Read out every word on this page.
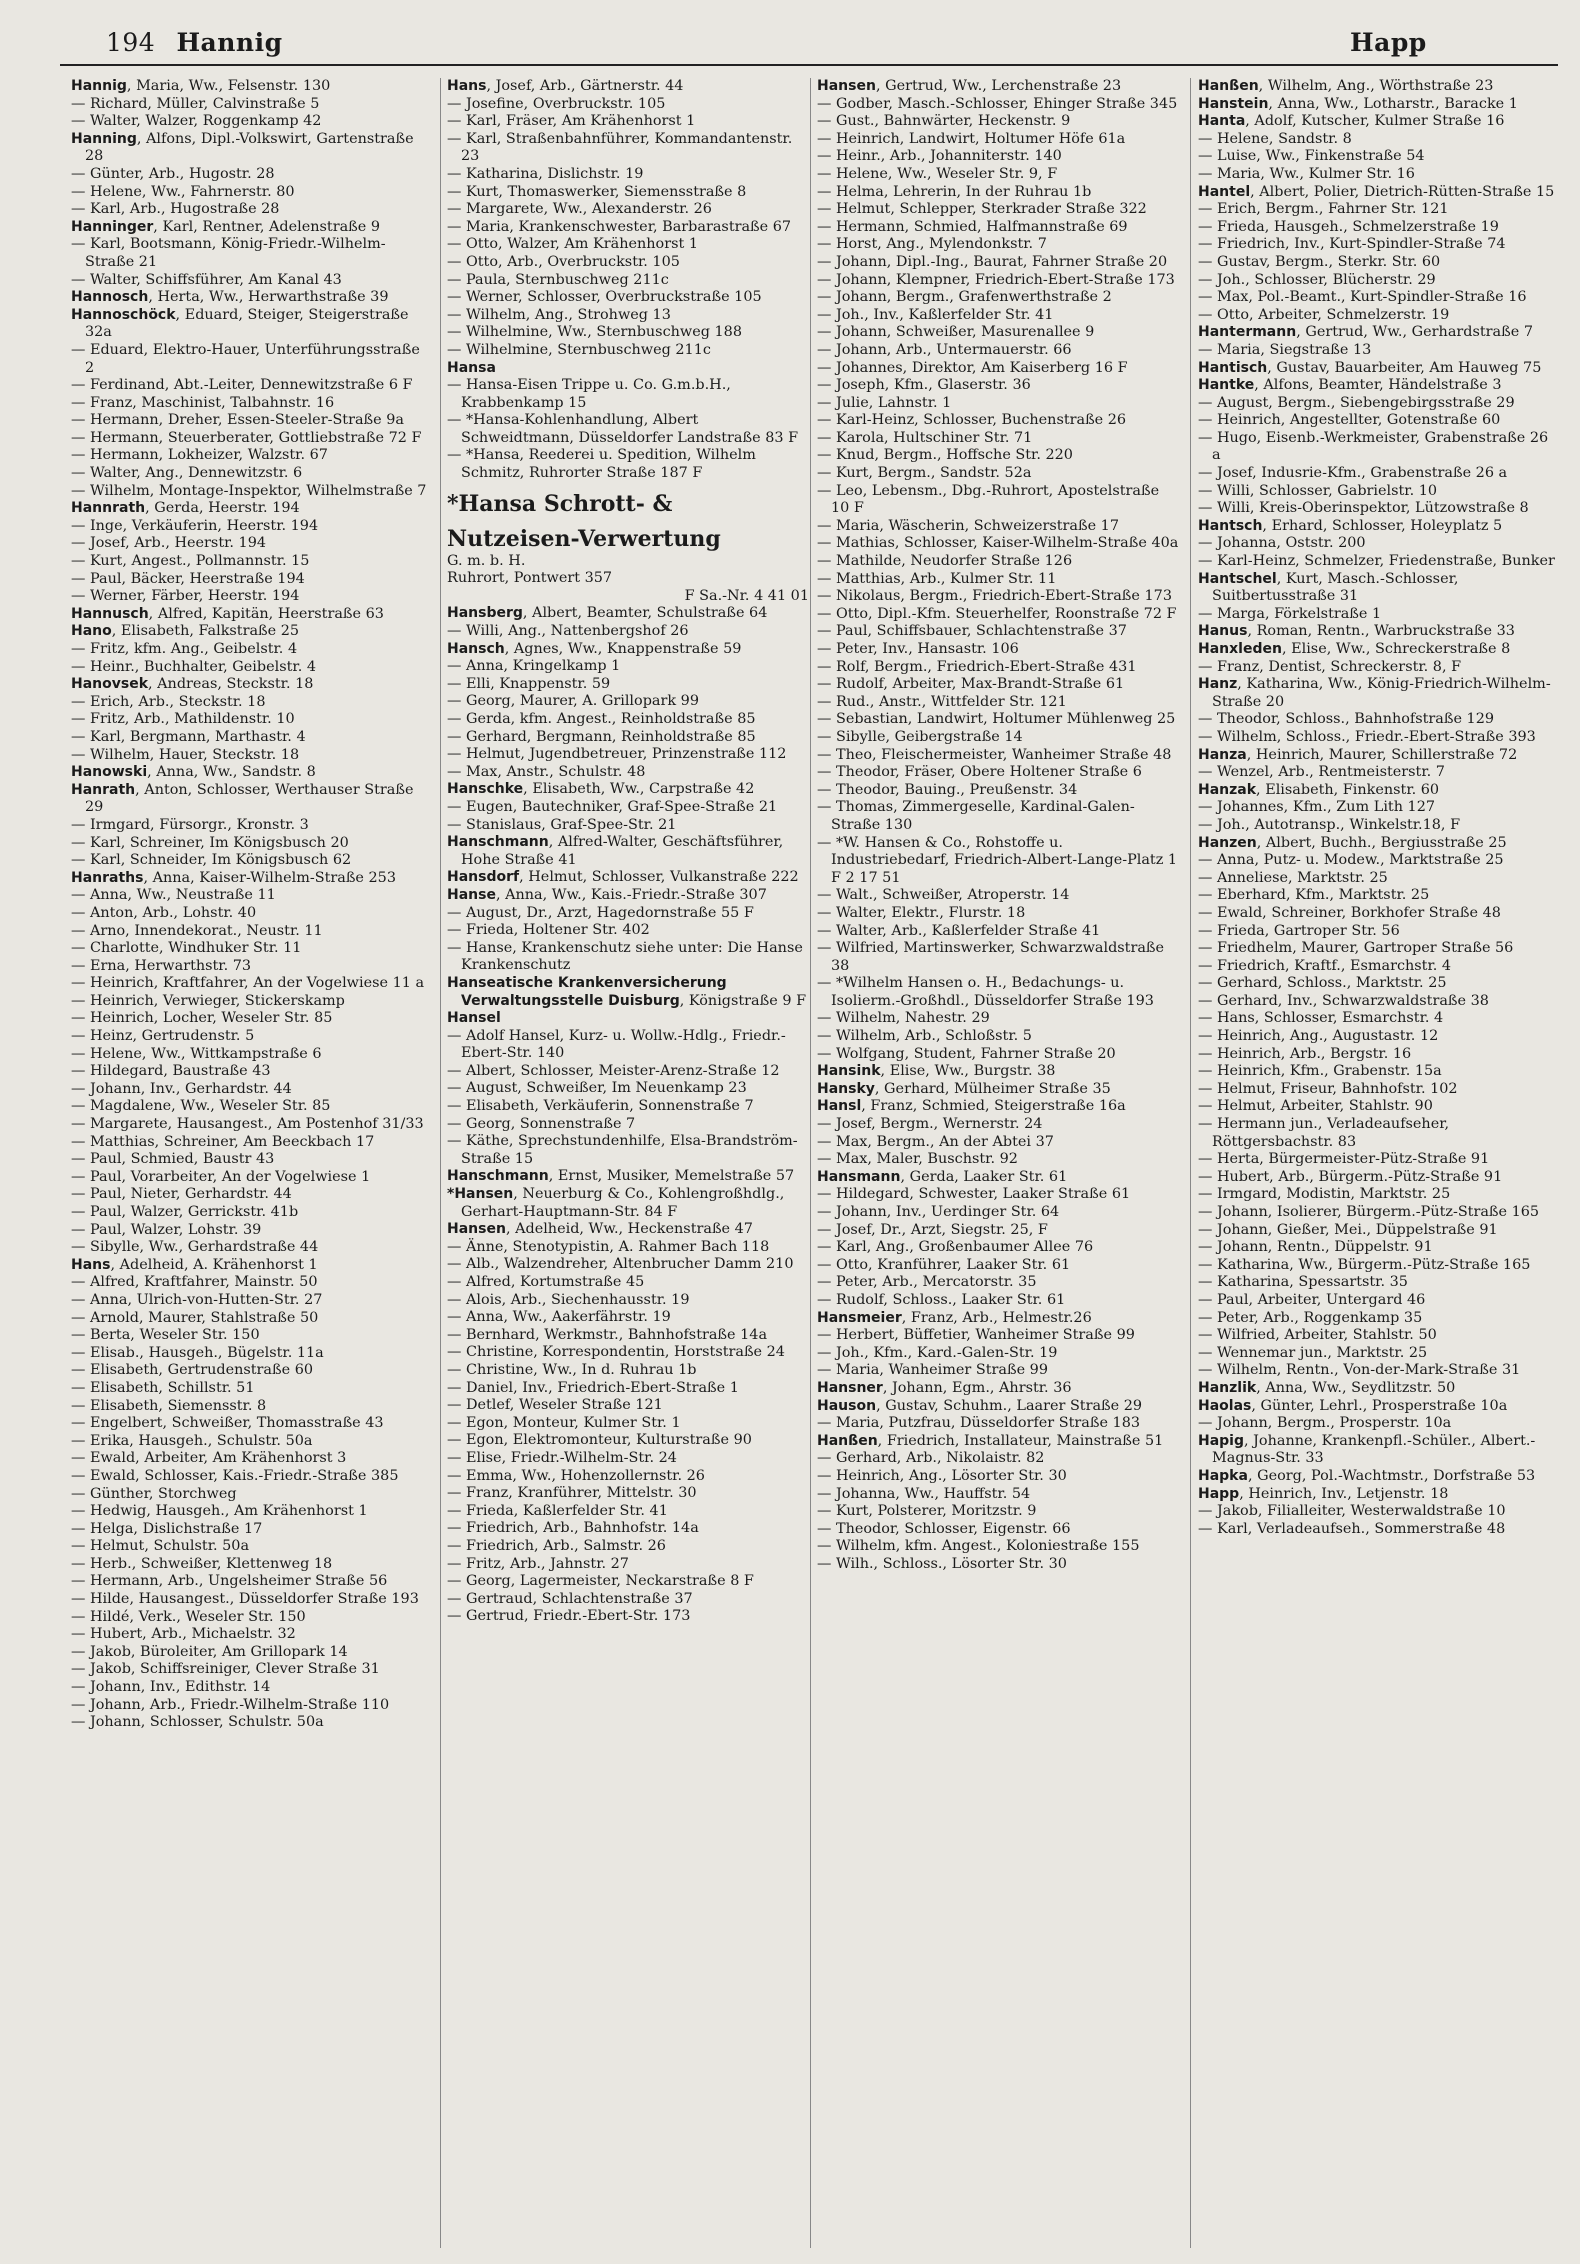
194 Hannig	Happ
Hannig, Maria, Ww., Felsenstr. 130
— Richard, Müller, Calvinstraße 5
— Walter, Walzer, Roggenkamp 42
Hanning, Alfons, Dipl.-Volkswirt, Gartenstraße 28
— Günter, Arb., Hugostr. 28
— Helene, Ww., Fahrnerstr. 80
— Karl, Arb., Hugostraße 28
Hanninger, Karl, Rentner, Adelenstraße 9
— Karl, Bootsmann, König-Friedr.-Wilhelm-Straße 21
— Walter, Schiffsführer, Am Kanal 43
Hannosch, Herta, Ww., Herwarthstraße 39
Hannoschöck, Eduard, Steiger, Steigerstraße 32a
— Eduard, Elektro-Hauer, Unterführungsstraße 2
— Ferdinand, Abt.-Leiter, Dennewitzstraße 6 F
— Franz, Maschinist, Talbahnstr. 16
— Hermann, Dreher, Essen-Steeler-Straße 9a
— Hermann, Steuerberater, Gottliebstraße 72 F
— Hermann, Lokheizer, Walzstr. 67
— Walter, Ang., Dennewitzstr. 6
— Wilhelm, Montage-Inspektor, Wilhelmstraße 7
Hannrath, Gerda, Heerstr. 194
— Inge, Verkäuferin, Heerstr. 194
— Josef, Arb., Heerstr. 194
— Kurt, Angest., Pollmannstr. 15
— Paul, Bäcker, Heerstraße 194
— Werner, Färber, Heerstr. 194
Hannusch, Alfred, Kapitän, Heerstraße 63
Hano, Elisabeth, Falkstraße 25
— Fritz, kfm. Ang., Geibelstr. 4
— Heinr., Buchhalter, Geibelstr. 4
Hanovsek, Andreas, Steckstr. 18
— Erich, Arb., Steckstr. 18
— Fritz, Arb., Mathildenstr. 10
— Karl, Bergmann, Marthastr. 4
— Wilhelm, Hauer, Steckstr. 18
Hanowski, Anna, Ww., Sandstr. 8
Hanrath, Anton, Schlosser, Werthauser Straße 29
— Irmgard, Fürsorgr., Kronstr. 3
— Karl, Schreiner, Im Königsbusch 20
— Karl, Schneider, Im Königsbusch 62
Hanraths, Anna, Kaiser-Wilhelm-Straße 253
— Anna, Ww., Neustraße 11
— Anton, Arb., Lohstr. 40
— Arno, Innendekorat., Neustr. 11
— Charlotte, Windhuker Str. 11
— Erna, Herwarthstr. 73
— Heinrich, Kraftfahrer, An der Vogelwiese 11 a
— Heinrich, Verwieger, Stickerskamp
— Heinrich, Locher, Weseler Str. 85
— Heinz, Gertrudenstr. 5
— Helene, Ww., Wittkampstraße 6
— Hildegard, Baustraße 43
— Johann, Inv., Gerhardstr. 44
— Magdalene, Ww., Weseler Str. 85
— Margarete, Hausangest., Am Postenhof 31/33
— Matthias, Schreiner, Am Beeckbach 17
— Paul, Schmied, Baustr 43
— Paul, Vorarbeiter, An der Vogelwiese 1
— Paul, Nieter, Gerhardstr. 44
— Paul, Walzer, Gerrickstr. 41b
— Paul, Walzer, Lohstr. 39
— Sibylle, Ww., Gerhardstraße 44
Hans, Adelheid, A. Krähenhorst 1
— Alfred, Kraftfahrer, Mainstr. 50
— Anna, Ulrich-von-Hutten-Str. 27
— Arnold, Maurer, Stahlstraße 50
— Berta, Weseler Str. 150
— Elisab., Hausgeh., Bügelstr. 11a
— Elisabeth, Gertrudenstraße 60
— Elisabeth, Schillstr. 51
— Elisabeth, Siemensstr. 8
— Engelbert, Schweißer, Thomasstraße 43
— Erika, Hausgeh., Schulstr. 50a
— Ewald, Arbeiter, Am Krähenhorst 3
— Ewald, Schlosser, Kais.-Friedr.-Straße 385
— Günther, Storchweg
— Hedwig, Hausgeh., Am Krähenhorst 1
— Helga, Dislichstraße 17
— Helmut, Schulstr. 50a
— Herb., Schweißer, Klettenweg 18
— Hermann, Arb., Ungelsheimer Straße 56
— Hilde, Hausangest., Düsseldorfer Straße 193
— Hildé, Verk., Weseler Str. 150
— Hubert, Arb., Michaelstr. 32
— Jakob, Büroleiter, Am Grillopark 14
— Jakob, Schiffsreiniger, Clever Straße 31
— Johann, Inv., Edithstr. 14
— Johann, Arb., Friedr.-Wilhelm-Straße 110
— Johann, Schlosser, Schulstr. 50a
Hans, Josef, Arb., Gärtnerstr. 44
— Josefine, Overbruckstr. 105
— Karl, Fräser, Am Krähenhorst 1
— Karl, Straßenbahnführer, Kommandantenstr. 23
— Katharina, Dislichstr. 19
— Kurt, Thomaswerker, Siemensstraße 8
— Margarete, Ww., Alexanderstr. 26
— Maria, Krankenschwester, Barbarastraße 67
— Otto, Walzer, Am Krähenhorst 1
— Otto, Arb., Overbruckstr. 105
— Paula, Sternbuschweg 211c
— Werner, Schlosser, Overbruckstraße 105
— Wilhelm, Ang., Strohweg 13
— Wilhelmine, Ww., Sternbuschweg 188
— Wilhelmine, Sternbuschweg 211c
Hansa
— Hansa-Eisen Trippe u. Co. G.m.b.H., Krabbenkamp 15
— *Hansa-Kohlenhandlung, Albert Schweidtmann, Düsseldorfer Landstraße 83 F
— *Hansa, Reederei u. Spedition, Wilhelm Schmitz, Ruhrorter Straße 187 F
*Hansa Schrott- &
Nutzeisen-Verwertung
G. m. b. H.
Ruhrort, Pontwert 357
F Sa.-Nr. 4 41 01
Hansberg, Albert, Beamter, Schulstraße 64
— Willi, Ang., Nattenbergshof 26
Hansch, Agnes, Ww., Knappenstraße 59
— Anna, Kringelkamp 1
— Elli, Knappenstr. 59
— Georg, Maurer, A. Grillopark 99
— Gerda, kfm. Angest., Reinholdstraße 85
— Gerhard, Bergmann, Reinholdstraße 85
— Helmut, Jugendbetreuer, Prinzenstraße 112
— Max, Anstr., Schulstr. 48
Hanschke, Elisabeth, Ww., Carpstraße 42
— Eugen, Bautechniker, Graf-Spee-Straße 21
— Stanislaus, Graf-Spee-Str. 21
Hanschmann, Alfred-Walter, Geschäftsführer, Hohe Straße 41
Hansdorf, Helmut, Schlosser, Vulkanstraße 222
Hanse, Anna, Ww., Kais.-Friedr.-Straße 307
— August, Dr., Arzt, Hagedornstraße 55 F
— Frieda, Holtener Str. 402
— Hanse, Krankenschutz siehe unter: Die Hanse Krankenschutz
Hanseatische Krankenversicherung Verwaltungsstelle Duisburg, Königstraße 9 F
Hansel
— Adolf Hansel, Kurz- u. Wollw.-Hdlg., Friedr.-Ebert-Str. 140
— Albert, Schlosser, Meister-Arenz-Straße 12
— August, Schweißer, Im Neuenkamp 23
— Elisabeth, Verkäuferin, Sonnenstraße 7
— Georg, Sonnenstraße 7
— Käthe, Sprechstundenhilfe, Elsa-Brandström-Straße 15
Hanschmann, Ernst, Musiker, Memelstraße 57
*Hansen, Neuerburg & Co., Kohlengroßhdlg., Gerhart-Hauptmann-Str. 84 F
Hansen, Adelheid, Ww., Heckenstraße 47
— Änne, Stenotypistin, A. Rahmer Bach 118
— Alb., Walzendreher, Altenbrucher Damm 210
— Alfred, Kortumstraße 45
— Alois, Arb., Siechenhausstr. 19
— Anna, Ww., Aakerfährstr. 19
— Bernhard, Werkmstr., Bahnhofstraße 14a
— Christine, Korrespondentin, Horststraße 24
— Christine, Ww., In d. Ruhrau 1b
— Daniel, Inv., Friedrich-Ebert-Straße 1
— Detlef, Weseler Straße 121
— Egon, Monteur, Kulmer Str. 1
— Egon, Elektromonteur, Kulturstraße 90
— Elise, Friedr.-Wilhelm-Str. 24
— Emma, Ww., Hohenzollernstr. 26
— Franz, Kranführer, Mittelstr. 30
— Frieda, Kaßlerfelder Str. 41
— Friedrich, Arb., Bahnhofstr. 14a
— Friedrich, Arb., Salmstr. 26
— Fritz, Arb., Jahnstr. 27
— Georg, Lagermeister, Neckarstraße 8 F
— Gertraud, Schlachtenstraße 37
— Gertrud, Friedr.-Ebert-Str. 173
Hansen, Gertrud, Ww., Lerchenstraße 23
— Godber, Masch.-Schlosser, Ehinger Straße 345
— Gust., Bahnwärter, Heckenstr. 9
— Heinrich, Landwirt, Holtumer Höfe 61a
— Heinr., Arb., Johanniterstr. 140
— Helene, Ww., Weseler Str. 9, F
— Helma, Lehrerin, In der Ruhrau 1b
— Helmut, Schlepper, Sterkrader Straße 322
— Hermann, Schmied, Halfmannstraße 69
— Horst, Ang., Mylendonkstr. 7
— Johann, Dipl.-Ing., Baurat, Fahrner Straße 20
— Johann, Klempner, Friedrich-Ebert-Straße 173
— Johann, Bergm., Grafenwerthstraße 2
— Joh., Inv., Kaßlerfelder Str. 41
— Johann, Schweißer, Masurenallee 9
— Johann, Arb., Untermauerstr. 66
— Johannes, Direktor, Am Kaiserberg 16 F
— Joseph, Kfm., Glaserstr. 36
— Julie, Lahnstr. 1
— Karl-Heinz, Schlosser, Buchenstraße 26
— Karola, Hultschiner Str. 71
— Knud, Bergm., Hoffsche Str. 220
— Kurt, Bergm., Sandstr. 52a
— Leo, Lebensm., Dbg.-Ruhrort, Apostelstraße 10 F
— Maria, Wäscherin, Schweizerstraße 17
— Mathias, Schlosser, Kaiser-Wilhelm-Straße 40a
— Mathilde, Neudorfer Straße 126
— Matthias, Arb., Kulmer Str. 11
— Nikolaus, Bergm., Friedrich-Ebert-Straße 173
— Otto, Dipl.-Kfm. Steuerhelfer, Roonstraße 72 F
— Paul, Schiffsbauer, Schlachtenstraße 37
— Peter, Inv., Hansastr. 106
— Rolf, Bergm., Friedrich-Ebert-Straße 431
— Rudolf, Arbeiter, Max-Brandt-Straße 61
— Rud., Anstr., Wittfelder Str. 121
— Sebastian, Landwirt, Holtumer Mühlenweg 25
— Sibylle, Geibergstraße 14
— Theo, Fleischermeister, Wanheimer Straße 48
— Theodor, Fräser, Obere Holtener Straße 6
— Theodor, Bauing., Preußenstr. 34
— Thomas, Zimmergeselle, Kardinal-Galen-Straße 130
— *W. Hansen & Co., Rohstoffe u. Industriebedarf, Friedrich-Albert-Lange-Platz 1 F 2 17 51
— Walt., Schweißer, Atroperstr. 14
— Walter, Elektr., Flurstr. 18
— Walter, Arb., Kaßlerfelder Straße 41
— Wilfried, Martinswerker, Schwarzwaldstraße 38
— *Wilhelm Hansen o. H., Bedachungs- u. Isolierm.-Großhdl., Düsseldorfer Straße 193
— Wilhelm, Nahestr. 29
— Wilhelm, Arb., Schloßstr. 5
— Wolfgang, Student, Fahrner Straße 20
Hansink, Elise, Ww., Burgstr. 38
Hansky, Gerhard, Mülheimer Straße 35
Hansl, Franz, Schmied, Steigerstraße 16a
— Josef, Bergm., Wernerstr. 24
— Max, Bergm., An der Abtei 37
— Max, Maler, Buschstr. 92
Hansmann, Gerda, Laaker Str. 61
— Hildegard, Schwester, Laaker Straße 61
— Johann, Inv., Uerdinger Str. 64
— Josef, Dr., Arzt, Siegstr. 25, F
— Karl, Ang., Großenbaumer Allee 76
— Otto, Kranführer, Laaker Str. 61
— Peter, Arb., Mercatorstr. 35
— Rudolf, Schloss., Laaker Str. 61
Hansmeier, Franz, Arb., Helmestr.26
— Herbert, Büffetier, Wanheimer Straße 99
— Joh., Kfm., Kard.-Galen-Str. 19
— Maria, Wanheimer Straße 99
Hansner, Johann, Egm., Ahrstr. 36
Hauson, Gustav, Schuhm., Laarer Straße 29
— Maria, Putzfrau, Düsseldorfer Straße 183
Hanßen, Friedrich, Installateur, Mainstraße 51
— Gerhard, Arb., Nikolaistr. 82
— Heinrich, Ang., Lösorter Str. 30
— Johanna, Ww., Hauffstr. 54
— Kurt, Polsterer, Moritzstr. 9
— Theodor, Schlosser, Eigenstr. 66
— Wilhelm, kfm. Angest., Koloniestraße 155
— Wilh., Schloss., Lösorter Str. 30
Hanßen, Wilhelm, Ang., Wörthstraße 23
Hanstein, Anna, Ww., Lotharstr., Baracke 1
Hanta, Adolf, Kutscher, Kulmer Straße 16
— Helene, Sandstr. 8
— Luise, Ww., Finkenstraße 54
— Maria, Ww., Kulmer Str. 16
Hantel, Albert, Polier, Dietrich-Rütten-Straße 15
— Erich, Bergm., Fahrner Str. 121
— Frieda, Hausgeh., Schmelzerstraße 19
— Friedrich, Inv., Kurt-Spindler-Straße 74
— Gustav, Bergm., Sterkr. Str. 60
— Joh., Schlosser, Blücherstr. 29
— Max, Pol.-Beamt., Kurt-Spindler-Straße 16
— Otto, Arbeiter, Schmelzerstr. 19
Hantermann, Gertrud, Ww., Gerhardstraße 7
— Maria, Siegstraße 13
Hantisch, Gustav, Bauarbeiter, Am Hauweg 75
Hantke, Alfons, Beamter, Händelstraße 3
— August, Bergm., Siebengebirgsstraße 29
— Heinrich, Angestellter, Gotenstraße 60
— Hugo, Eisenb.-Werkmeister, Grabenstraße 26 a
— Josef, Indusrie-Kfm., Grabenstraße 26 a
— Willi, Schlosser, Gabrielstr. 10
— Willi, Kreis-Oberinspektor, Lützowstraße 8
Hantsch, Erhard, Schlosser, Holeyplatz 5
— Johanna, Oststr. 200
— Karl-Heinz, Schmelzer, Friedenstraße, Bunker
Hantschel, Kurt, Masch.-Schlosser, Suitbertusstraße 31
— Marga, Förkelstraße 1
Hanus, Roman, Rentn., Warbruckstraße 33
Hanxleden, Elise, Ww., Schreckerstraße 8
— Franz, Dentist, Schreckerstr. 8, F
Hanz, Katharina, Ww., König-Friedrich-Wilhelm-Straße 20
— Theodor, Schloss., Bahnhofstraße 129
— Wilhelm, Schloss., Friedr.-Ebert-Straße 393
Hanza, Heinrich, Maurer, Schillerstraße 72
— Wenzel, Arb., Rentmeisterstr. 7
Hanzak, Elisabeth, Finkenstr. 60
— Johannes, Kfm., Zum Lith 127
— Joh., Autotransp., Winkelstr.18, F
Hanzen, Albert, Buchh., Bergiusstraße 25
— Anna, Putz- u. Modew., Marktstraße 25
— Anneliese, Marktstr. 25
— Eberhard, Kfm., Marktstr. 25
— Ewald, Schreiner, Borkhofer Straße 48
— Frieda, Gartroper Str. 56
— Friedhelm, Maurer, Gartroper Straße 56
— Friedrich, Kraftf., Esmarchstr. 4
— Gerhard, Schloss., Marktstr. 25
— Gerhard, Inv., Schwarzwaldstraße 38
— Hans, Schlosser, Esmarchstr. 4
— Heinrich, Ang., Augustastr. 12
— Heinrich, Arb., Bergstr. 16
— Heinrich, Kfm., Grabenstr. 15a
— Helmut, Friseur, Bahnhofstr. 102
— Helmut, Arbeiter, Stahlstr. 90
— Hermann jun., Verladeaufseher, Röttgersbachstr. 83
— Herta, Bürgermeister-Pütz-Straße 91
— Hubert, Arb., Bürgerm.-Pütz-Straße 91
— Irmgard, Modistin, Marktstr. 25
— Johann, Isolierer, Bürgerm.-Pütz-Straße 165
— Johann, Gießer, Mei., Düppelstraße 91
— Johann, Rentn., Düppelstr. 91
— Katharina, Ww., Bürgerm.-Pütz-Straße 165
— Katharina, Spessartstr. 35
— Paul, Arbeiter, Untergard 46
— Peter, Arb., Roggenkamp 35
— Wilfried, Arbeiter, Stahlstr. 50
— Wennemar jun., Marktstr. 25
— Wilhelm, Rentn., Von-der-Mark-Straße 31
Hanzlik, Anna, Ww., Seydlitzstr. 50
Haolas, Günter, Lehrl., Prosperstraße 10a
— Johann, Bergm., Prosperstr. 10a
Hapig, Johanne, Krankenpfl.-Schüler., Albert.-Magnus-Str. 33
Hapka, Georg, Pol.-Wachtmstr., Dorfstraße 53
Happ, Heinrich, Inv., Letjenstr. 18
— Jakob, Filialleiter, Westerwaldstraße 10
— Karl, Verladeaufseh., Sommerstraße 48
